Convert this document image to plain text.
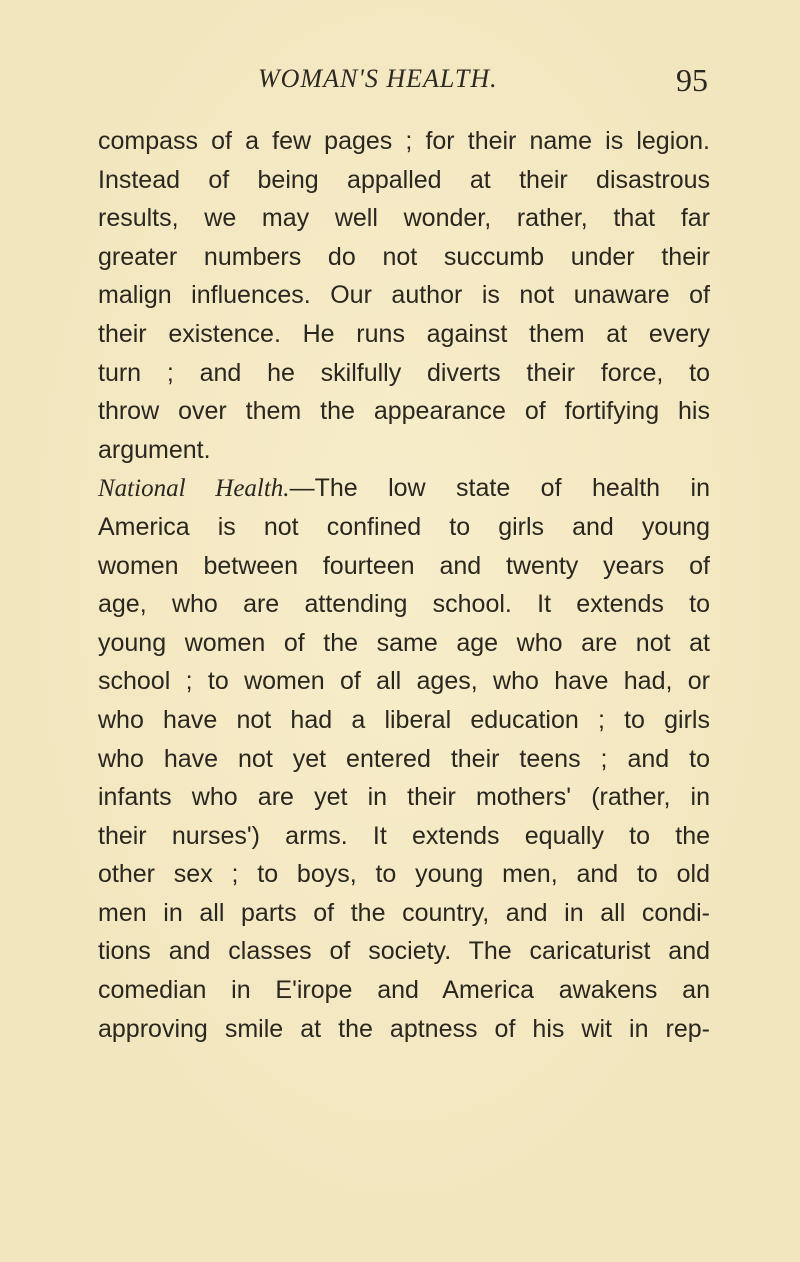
WOMAN'S HEALTH.	95
compass of a few pages ; for their name is legion.
Instead of being appalled at their disastrous
results, we may well wonder, rather, that far
greater numbers do not succumb under their
malign influences. Our author is not unaware of
their existence. He runs against them at every
turn ; and he skilfully diverts their force, to
throw over them the appearance of fortifying his
argument.
National Health.—The low state of health in
America is not confined to girls and young
women between fourteen and twenty years of
age, who are attending school. It extends to
young women of the same age who are not at
school ; to women of all ages, who have had, or
who have not had a liberal education ; to girls
who have not yet entered their teens ; and to
infants who are yet in their mothers' (rather, in
their nurses') arms. It extends equally to the
other sex ; to boys, to young men, and to old
men in all parts of the country, and in all condi-
tions and classes of society. The caricaturist and
comedian in E'irope and America awakens an
approving smile at the aptness of his wit in rep-
